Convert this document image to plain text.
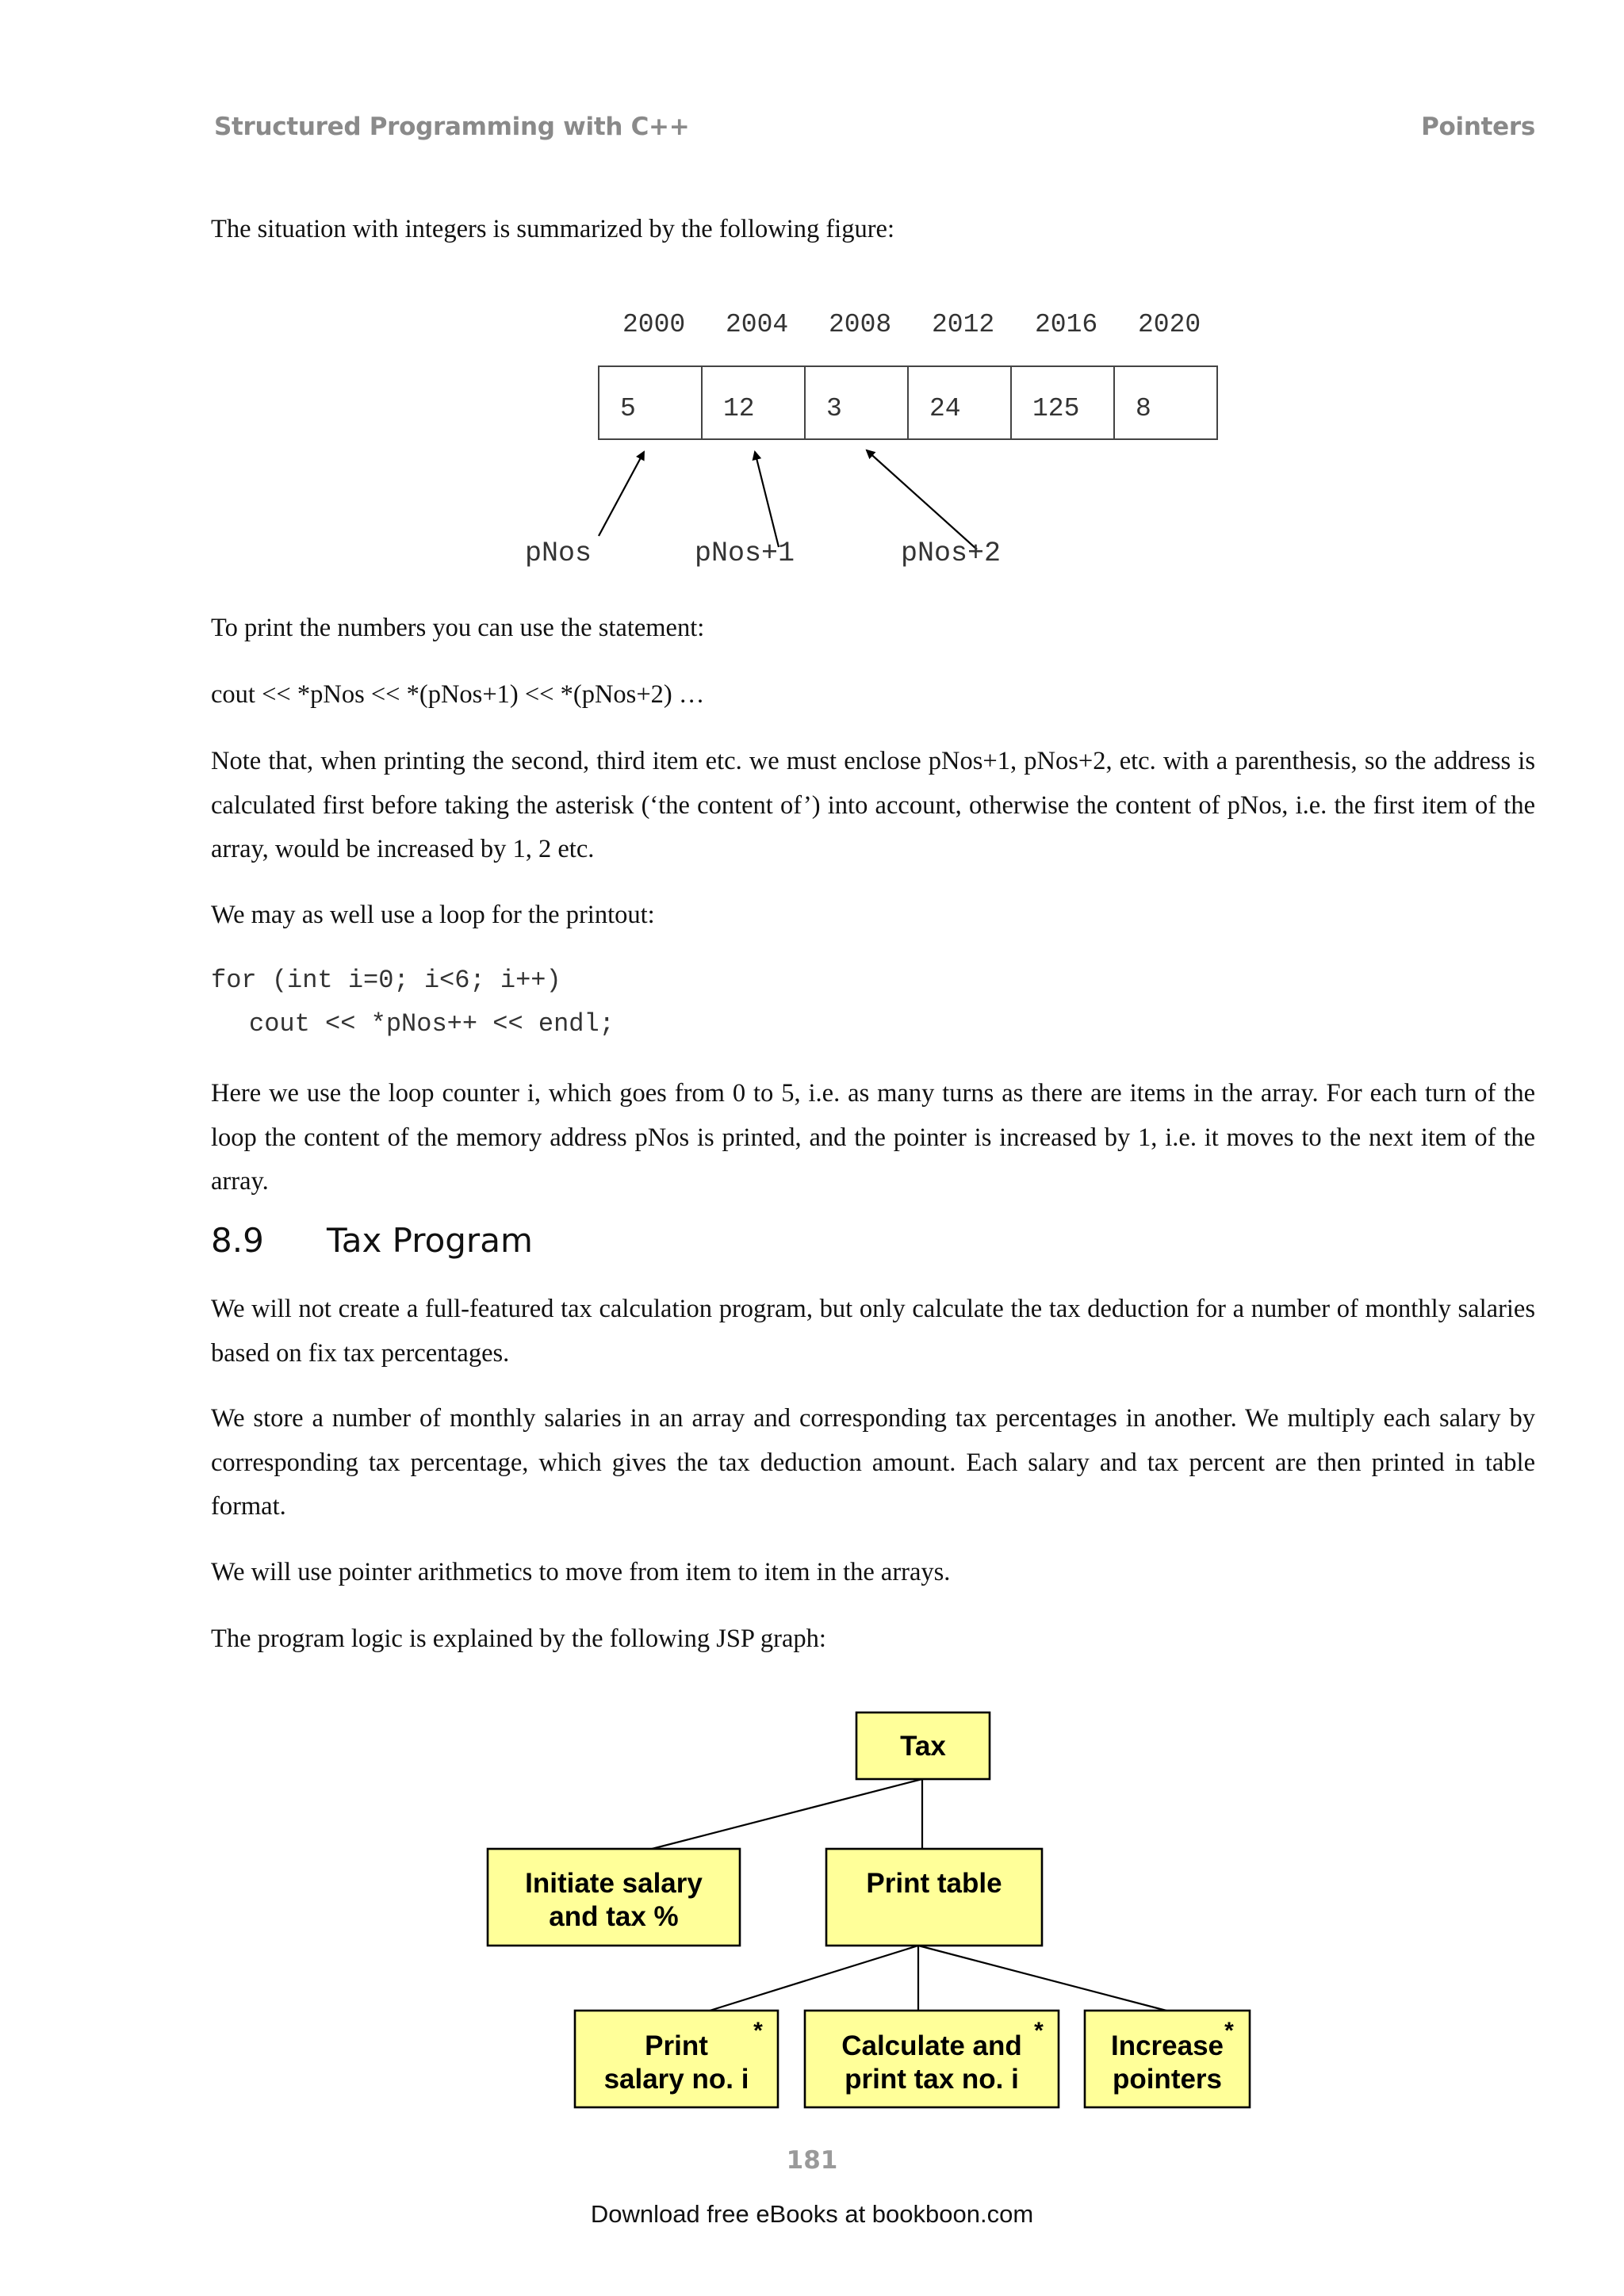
Structured Programming with C++	Pointers

The situation with integers is summarized by the following figure:

2000 2004 2008 2012 2016 2020
5	12	3	24	125 8
pNos	pNos+1	pNos+2

To print the numbers you can use the statement:

cout << *pNos << *(pNos+1) << *(pNos+2) …

Note that, when printing the second, third item etc. we must enclose pNos+1, pNos+2, etc. with a parenthesis, so the address is calculated first before taking the asterisk (‘the content of’) into account, otherwise the content of pNos, i.e. the first item of the array, would be increased by 1, 2 etc.

We may as well use a loop for the printout:

for (int i=0; i<6; i++)
cout << *pNos++ << endl;

Here we use the loop counter i, which goes from 0 to 5, i.e. as many turns as there are items in the array. For each turn of the loop the content of the memory address pNos is printed, and the pointer is increased by 1, i.e. it moves to the next item of the array.

8.9 Tax Program

We will not create a full-featured tax calculation program, but only calculate the tax deduction for a number of monthly salaries based on fix tax percentages.

We store a number of monthly salaries in an array and corresponding tax percentages in another. We multiply each salary by corresponding tax percentage, which gives the tax deduction amount. Each salary and tax percent are then printed in table format.

We will use pointer arithmetics to move from item to item in the arrays.

The program logic is explained by the following JSP graph:

Tax
Initiate salary
and tax %
Print table
Print
salary no. i
Calculate and
print tax no. i
Increase
pointers
*	*	*
181
Download free eBooks at bookboon.com
